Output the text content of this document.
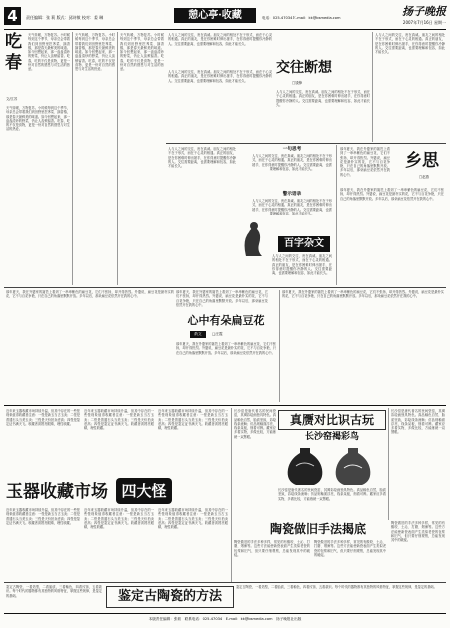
4	责任编辑：张 莉 版式：邱诗敏 校对：姜 琳	憩心亭·收藏	电话：025-47034Ｅ-mail：kk@bsmedia.com	扬子晚报
2007年7月16日 星期一
吃春
文/江苏
天气转暖，万物复苏。小时候每到这个季节，母亲总会带着我们到田野里挖荠菜、摘香椿，那是春天最鲜美的味道。如今回想起来，那一盘盘清炒的野菜，仍让人齿颊留香。吃春，吃的不仅是食物，更是一份对自然的感恩与对生活的热爱。
天气转暖，万物复苏。小时候每到这个季节，母亲总会带着我们到田野里挖荠菜、摘香椿，那是春天最鲜美的味道。如今回想起来，那一盘盘清炒的野菜，仍让人齿颊留香。吃春，吃的不仅是食物，更是一份对自然的感恩与对生活的热爱。
天气转暖，万物复苏。小时候每到这个季节，母亲总会带着我们到田野里挖荠菜、摘香椿，那是春天最鲜美的味道。如今回想起来，那一盘盘清炒的野菜，仍让人齿颊留香。吃春，吃的不仅是食物，更是一份对自然的感恩与对生活的热爱。
天气转暖，万物复苏。小时候每到这个季节，母亲总会带着我们到田野里挖荠菜、摘香椿，那是春天最鲜美的味道。如今回想起来，那一盘盘清炒的野菜，仍让人齿颊留香。吃春，吃的不仅是食物，更是一份对自然的感恩与对生活的热爱。
人与人之间的交往，贵在真诚。朋友之间的相处不在于形式，而在于心灵的相通。真正的朋友，是在你困难时伸出援手，在你得意时提醒你冷静的人。交往需要距离，也需要理解和包容，如此才能长久。
交往断想
□钱锋
人与人之间的交往，贵在真诚。朋友之间的相处不在于形式，而在于心灵的相通。真正的朋友，是在你困难时伸出援手，在你得意时提醒你冷静的人。交往需要距离，也需要理解和包容，如此才能长久。
人与人之间的交往，贵在真诚。朋友之间的相处不在于形式，而在于心灵的相通。真正的朋友，是在你困难时伸出援手，在你得意时提醒你冷静的人。交往需要距离，也需要理解和包容，如此才能长久。
人与人之间的交往，贵在真诚。朋友之间的相处不在于形式，而在于心灵的相通。真正的朋友，是在你困难时伸出援手，在你得意时提醒你冷静的人。交往需要距离，也需要理解和包容，如此才能长久。
人与人之间的交往，贵在真诚。朋友之间的相处不在于形式，而在于心灵的相通。真正的朋友，是在你困难时伸出援手，在你得意时提醒你冷静的人。交往需要距离，也需要理解和包容，如此才能长久。
一句思考
人与人之间的交往，贵在真诚。朋友之间的相处不在于形式，而在于心灵的相通。真正的朋友，是在你困难时伸出援手，在你得意时提醒你冷静的人。交往需要距离，也需要理解和包容，如此才能长久。
警示语录
人与人之间的交往，贵在真诚。朋友之间的相处不在于形式，而在于心灵的相通。真正的朋友，是在你困难时伸出援手，在你得意时提醒你冷静的人。交往需要距离，也需要理解和包容，如此才能长久。
百字杂文
人与人之间的交往，贵在真诚。朋友之间的相处不在于形式，而在于心灵的相通。真正的朋友，是在你困难时伸出援手，在你得意时提醒你冷静的人。交往需要距离，也需要理解和包容，如此才能长久。
那年夏天，我在外婆家的篱笆上看到了一串串紫色的扁豆花，它们不张扬，却开得热烈。外婆说，扁豆花是最朴实的花，它不与百花争艳，只在自己的角落里默默开放。多年以后，那朵扁豆花依然开在我的心中。
乡思
□赵燕
那年夏天，我在外婆家的篱笆上看到了一串串紫色的扁豆花，它们不张扬，却开得热烈。外婆说，扁豆花是最朴实的花，它不与百花争艳，只在自己的角落里默默开放。多年以后，那朵扁豆花依然开在我的心中。
那年夏天，我在外婆家的篱笆上看到了一串串紫色的扁豆花，它们不张扬，却开得热烈。外婆说，扁豆花是最朴实的花，它不与百花争艳，只在自己的角落里默默开放。多年以后，那朵扁豆花依然开在我的心中。
那年夏天，我在外婆家的篱笆上看到了一串串紫色的扁豆花，它们不张扬，却开得热烈。外婆说，扁豆花是最朴实的花，它不与百花争艳，只在自己的角落里默默开放。多年以后，那朵扁豆花依然开在我的心中。
心中有朵扁豆花
散文	□汪霞
那年夏天，我在外婆家的篱笆上看到了一串串紫色的扁豆花，它们不张扬，却开得热烈。外婆说，扁豆花是最朴实的花，它不与百花争艳，只在自己的角落里默默开放。多年以后，那朵扁豆花依然开在我的心中。
那年夏天，我在外婆家的篱笆上看到了一串串紫色的扁豆花，它们不张扬，却开得热烈。外婆说，扁豆花是最朴实的花，它不与百花争艳，只在自己的角落里默默开放。多年以后，那朵扁豆花依然开在我的心中。
近年来玉器收藏市场持续升温，但其中存在的一些怪现象值得收藏者注意：一怪是新玉当古玉卖；二怪是普通石头当美玉卖；三怪是天价拍卖虚高；四怪是鉴定证书满天飞。收藏者须擦亮眼睛，理性收藏。
近年来玉器收藏市场持续升温，但其中存在的一些怪现象值得收藏者注意：一怪是新玉当古玉卖；二怪是普通石头当美玉卖；三怪是天价拍卖虚高；四怪是鉴定证书满天飞。收藏者须擦亮眼睛，理性收藏。
近年来玉器收藏市场持续升温，但其中存在的一些怪现象值得收藏者注意：一怪是新玉当古玉卖；二怪是普通石头当美玉卖；三怪是天价拍卖虚高；四怪是鉴定证书满天飞。收藏者须擦亮眼睛，理性收藏。
玉器收藏市场 四大怪
近年来玉器收藏市场持续升温，但其中存在的一些怪现象值得收藏者注意：一怪是新玉当古玉卖；二怪是普通石头当美玉卖；三怪是天价拍卖虚高；四怪是鉴定证书满天飞。收藏者须擦亮眼睛，理性收藏。
近年来玉器收藏市场持续升温，但其中存在的一些怪现象值得收藏者注意：一怪是新玉当古玉卖；二怪是普通石头当美玉卖；三怪是天价拍卖虚高；四怪是鉴定证书满天飞。收藏者须擦亮眼睛，理性收藏。
近年来玉器收藏市场持续升温，但其中存在的一些怪现象值得收藏者注意：一怪是新玉当古玉卖；二怪是普通石头当美玉卖；三怪是天价拍卖虚高；四怪是鉴定证书满天飞。收藏者须擦亮眼睛，理性收藏。
长沙窑是唐代著名的民间瓷窑，其褐彩绘画独具特色。真品釉色自然，胎质坚致，彩绘线条流畅；仿品则釉面浮亮，线条呆板，细看可辨。藏家应多看实物，多做比较，方能练就一双慧眼。
真赝对比识古玩
长沙窑褐彩鸟
长沙窑是唐代著名的民间瓷窑，其褐彩绘画独具特色。真品釉色自然，胎质坚致，彩绘线条流畅；仿品则釉面浮亮，线条呆板，细看可辨。藏家应多看实物，多做比较，方能练就一双慧眼。
长沙窑是唐代著名的民间瓷窑，其褐彩绘画独具特色。真品釉色自然，胎质坚致，彩绘线条流畅；仿品则釉面浮亮，线条呆板，细看可辨。藏家应多看实物，多做比较，方能练就一双慧眼。
陶瓷做旧手法揭底
陶瓷做旧的手法多种多样，常见的有酸咬、土沁、打磨、烟熏等。这些方法能使新瓷表面产生类似老瓷的包浆和旧气，但只要仔细观察，总能发现其中的破绽。
陶瓷做旧的手法多种多样，常见的有酸咬、土沁、打磨、烟熏等。这些方法能使新瓷表面产生类似老瓷的包浆和旧气，但只要仔细观察，总能发现其中的破绽。
陶瓷做旧的手法多种多样，常见的有酸咬、土沁、打磨、烟熏等。这些方法能使新瓷表面产生类似老瓷的包浆和旧气，但只要仔细观察，总能发现其中的破绽。
鉴定古陶瓷，一看造型，二看胎质，三看釉色，四看纹饰，五看款识。每个时代的器物都有其独特的风格特征，掌握这些规律，是鉴定的基础。	鉴定古陶瓷的方法
鉴定古陶瓷，一看造型，二看胎质，三看釉色，四看纹饰，五看款识。每个时代的器物都有其独特的风格特征，掌握这些规律，是鉴定的基础。
本版责任编辑：张莉　联系电话：025-47034　E-mail：kk@bsmedia.com　扬子晚报社出版
